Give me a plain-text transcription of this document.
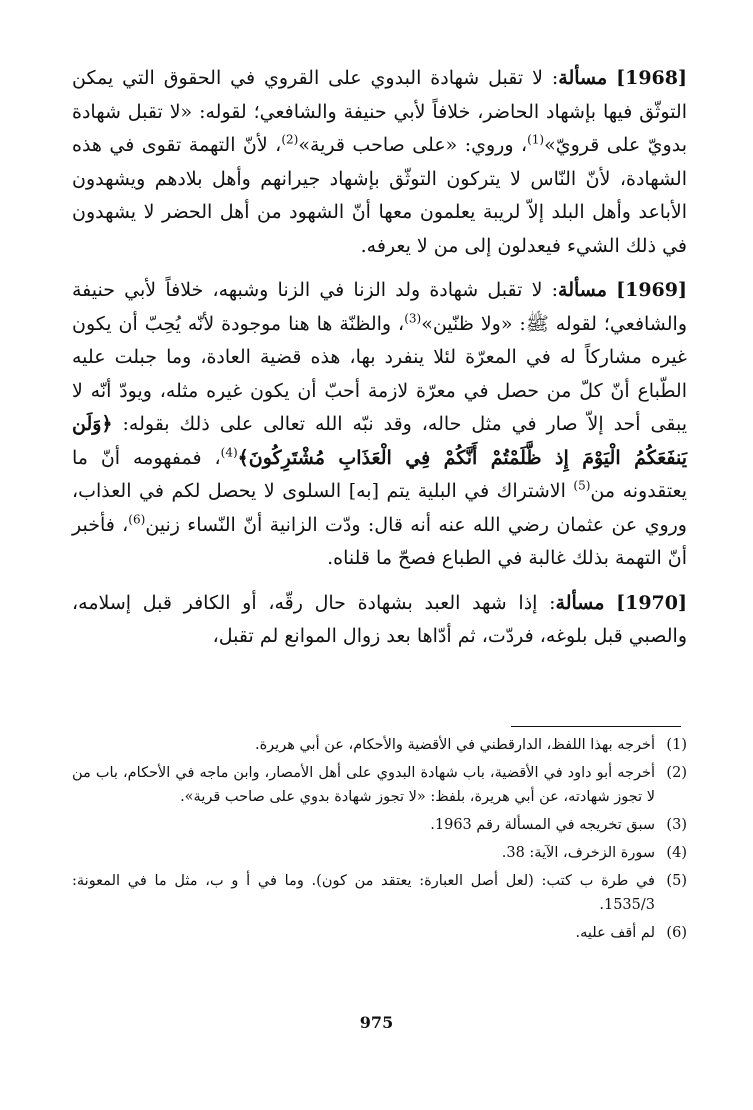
[1968] مسألة: لا تقبل شهادة البدوي على القروي في الحقوق التي يمكن التوثّق فيها بإشهاد الحاضر، خلافاً لأبي حنيفة والشافعي؛ لقوله: «لا تقبل شهادة بدويّ على قرويّ»$^{(1)}$، وروي: «على صاحب قرية»$^{(2)}$، لأنّ التهمة تقوى في هذه الشهادة، لأنّ النّاس لا يتركون التوثّق بإشهاد جيرانهم وأهل بلادهم ويشهدون الأباعد وأهل البلد إلاّ لريبة يعلمون معها أنّ الشهود من أهل الحضر لا يشهدون في ذلك الشيء فيعدلون إلى من لا يعرفه.

[1969] مسألة: لا تقبل شهادة ولد الزنا في الزنا وشبهه، خلافاً لأبي حنيفة والشافعي؛ لقوله ﷺ: «ولا ظنّين»$^{(3)}$، والظنّة ها هنا موجودة لأنّه يُحِبّ أن يكون غيره مشاركاً له في المعرّة لئلا ينفرد بها، هذه قضية العادة، وما جبلت عليه الطّباع أنّ كلّ من حصل في معرّة لازمة أحبّ أن يكون غيره مثله، ويودّ أنّه لا يبقى أحد إلاّ صار في مثل حاله، وقد نبّه الله تعالى على ذلك بقوله: ﴿وَلَن يَنفَعَكُمُ الْيَوْمَ إِذ ظَّلَمْتُمْ أَنَّكُمْ فِي الْعَذَابِ مُشْتَرِكُونَ﴾$^{(4)}$، فمفهومه أنّ ما يعتقدونه من$^{(5)}$ الاشتراك في البلية يتم [به] السلوى لا يحصل لكم في العذاب، وروي عن عثمان رضي الله عنه أنه قال: ودّت الزانية أنّ النّساء زنين$^{(6)}$، فأخبر أنّ التهمة بذلك غالبة في الطباع فصحّ ما قلناه.

[1970] مسألة: إذا شهد العبد بشهادة حال رقّه، أو الكافر قبل إسلامه، والصبي قبل بلوغه، فردّت، ثم أدّاها بعد زوال الموانع لم تقبل،

(1)
أخرجه بهذا اللفظ، الدارقطني في الأقضية والأحكام، عن أبي هريرة.
(2)
أخرجه أبو داود في الأقضية، باب شهادة البدوي على أهل الأمصار، وابن ماجه في الأحكام، باب من لا تجوز شهادته، عن أبي هريرة، بلفظ: «لا تجوز شهادة بدوي على صاحب قرية».
(3)
سبق تخريجه في المسألة رقم 1963.
(4)
سورة الزخرف، الآية: 38.
(5)
في طرة ب كتب: (لعل أصل العبارة: يعتقد من كون). وما في أ و ب، مثل ما في المعونة: 1535/3.
(6)
لم أقف عليه.
975
